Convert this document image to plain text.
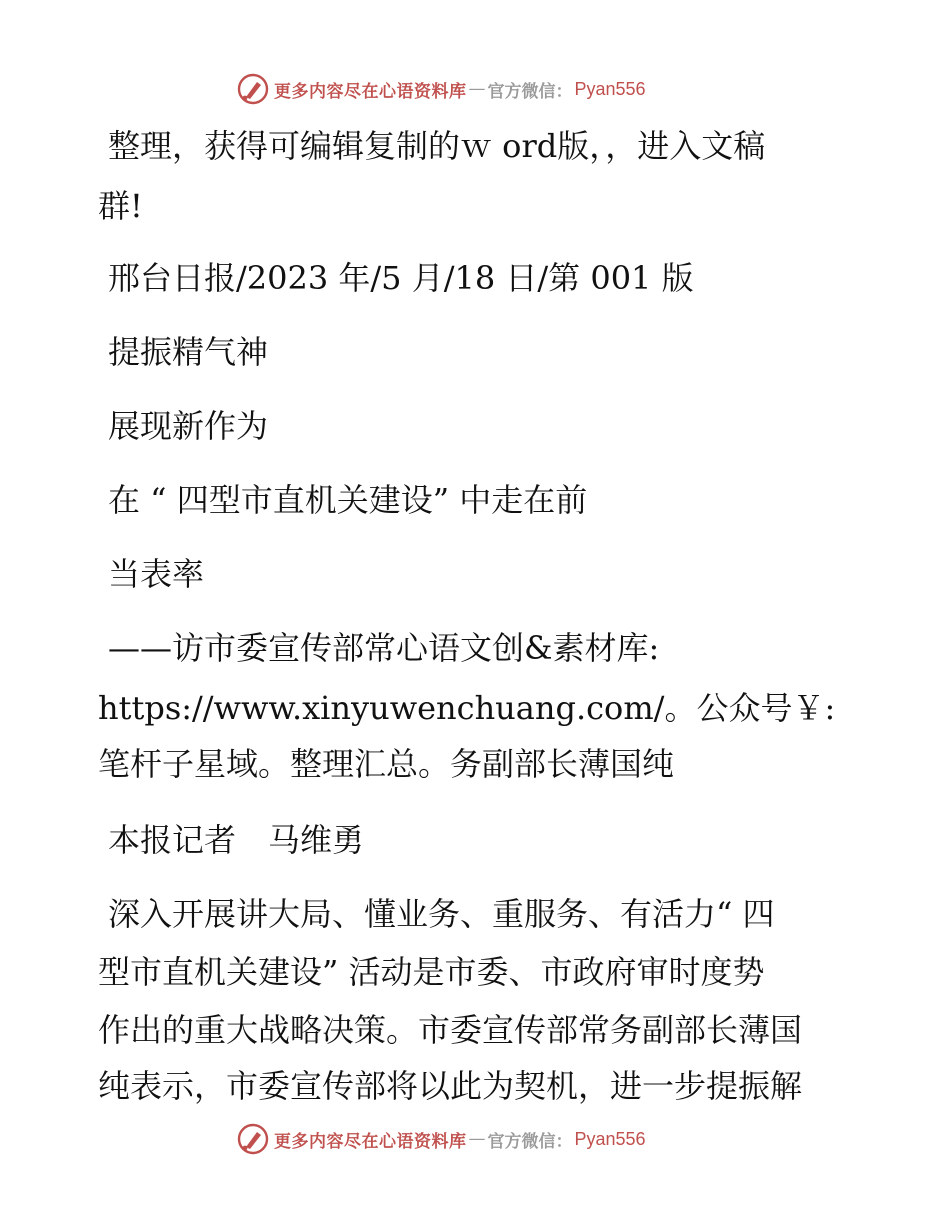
更多内容尽在心语资料库 — 官方微信： Pyan556

整理，获得可编辑复制的ｗ ord版，，进入文稿

群!

邢台日报/2023 年/5 月/18 日/第 001 版

提振精气神

展现新作为

在 “ 四型市直机关建设” 中走在前

当表率

——访市委宣传部常心语文创&素材库:

https://www.xinyuwenchuang.com/。公众号￥:

笔杆子星域。整理汇总。务副部长薄国纯

本报记者　马维勇

深入开展讲大局、懂业务、重服务、有活力“ 四

型市直机关建设” 活动是市委、市政府审时度势

作出的重大战略决策。市委宣传部常务副部长薄国

纯表示，市委宣传部将以此为契机，进一步提振解

更多内容尽在心语资料库 — 官方微信： Pyan556
